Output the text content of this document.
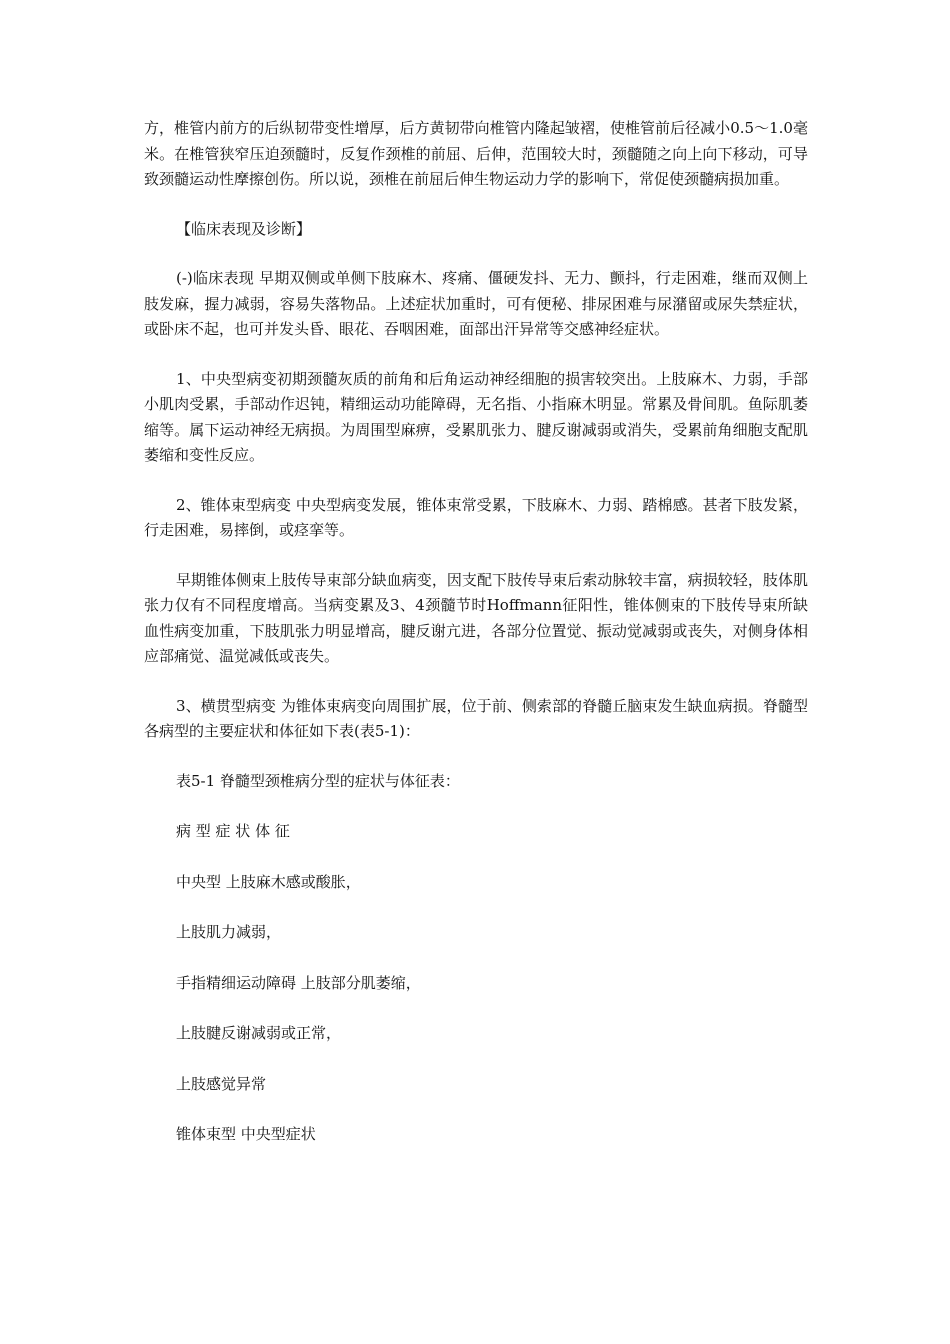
方，椎管内前方的后纵韧带变性增厚，后方黄韧带向椎管内隆起皱褶，使椎管前后径减小0.5～1.0毫米。在椎管狭窄压迫颈髓时，反复作颈椎的前屈、后伸，范围较大时，颈髓随之向上向下移动，可导致颈髓运动性摩擦创伤。所以说，颈椎在前屈后伸生物运动力学的影响下，常促使颈髓病损加重。

【临床表现及诊断】

(-)临床表现 早期双侧或单侧下肢麻木、疼痛、僵硬发抖、无力、颤抖，行走困难，继而双侧上肢发麻，握力减弱，容易失落物品。上述症状加重时，可有便秘、排尿困难与尿潴留或尿失禁症状，或卧床不起，也可并发头昏、眼花、吞咽困难，面部出汗异常等交感神经症状。

1、中央型病变初期颈髓灰质的前角和后角运动神经细胞的损害较突出。上肢麻木、力弱，手部小肌肉受累，手部动作迟钝，精细运动功能障碍，无名指、小指麻木明显。常累及骨间肌。鱼际肌萎缩等。属下运动神经无病损。为周围型麻痹，受累肌张力、腱反谢减弱或消失，受累前角细胞支配肌萎缩和变性反应。

2、锥体束型病变 中央型病变发展，锥体束常受累，下肢麻木、力弱、踏棉感。甚者下肢发紧，行走困难，易摔倒，或痉挛等。

早期锥体侧束上肢传导束部分缺血病变，因支配下肢传导束后索动脉较丰富，病损较轻，肢体肌张力仅有不同程度增高。当病变累及3、4颈髓节时Hoffmann征阳性，锥体侧束的下肢传导束所缺血性病变加重，下肢肌张力明显增高，腱反谢亢进，各部分位置觉、振动觉减弱或丧失，对侧身体相应部痛觉、温觉减低或丧失。

3、横贯型病变 为锥体束病变向周围扩展，位于前、侧索部的脊髓丘脑束发生缺血病损。脊髓型各病型的主要症状和体征如下表(表5-1)：

表5-1 脊髓型颈椎病分型的症状与体征表：

病 型 症 状 体 征

中央型 上肢麻木感或酸胀，

上肢肌力减弱，

手指精细运动障碍 上肢部分肌萎缩，

上肢腱反谢减弱或正常，

上肢感觉异常

锥体束型 中央型症状
